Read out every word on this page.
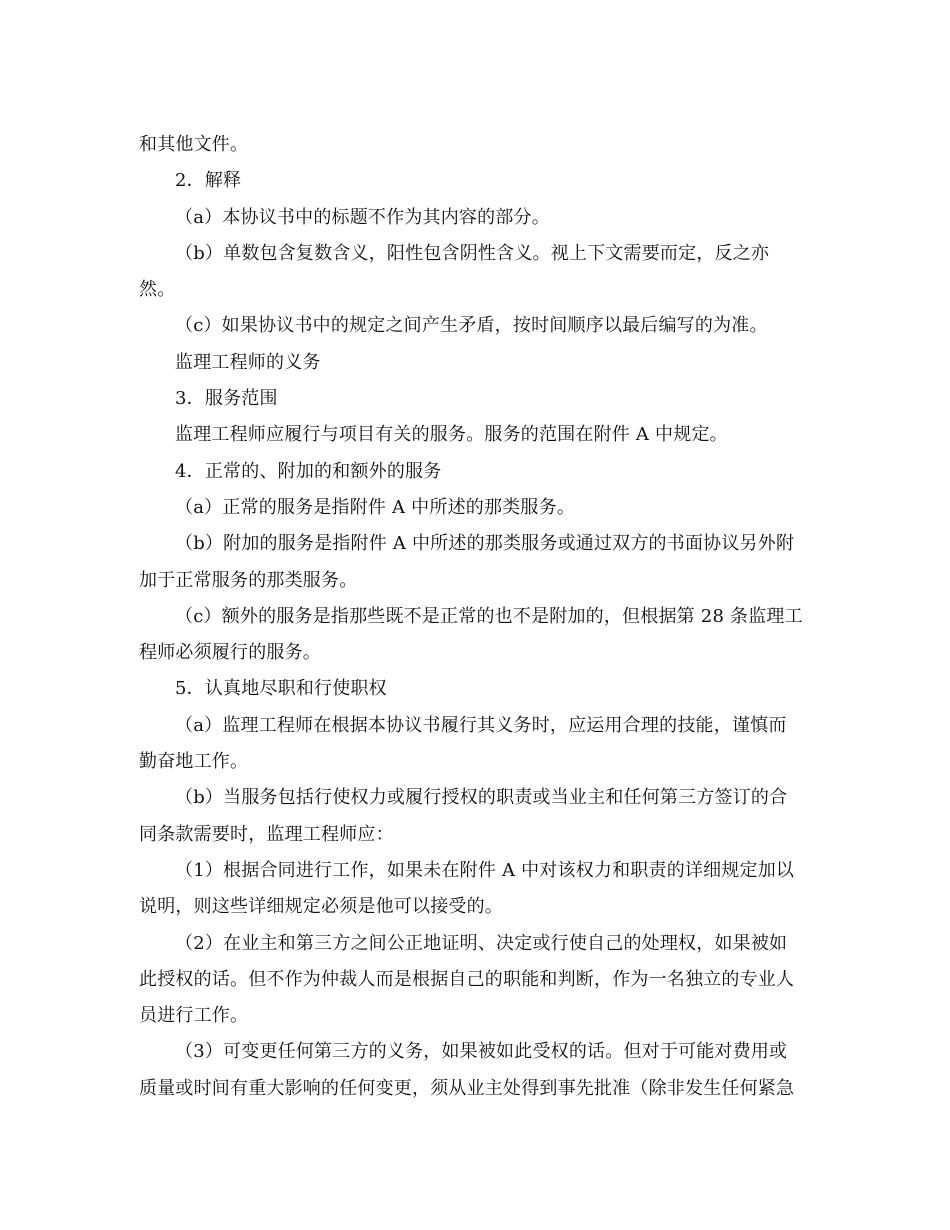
和其他文件。
2．解释
（a）本协议书中的标题不作为其内容的部分。
（b）单数包含复数含义，阳性包含阴性含义。视上下文需要而定，反之亦
然。
（c）如果协议书中的规定之间产生矛盾，按时间顺序以最后编写的为准。
监理工程师的义务
3．服务范围
监理工程师应履行与项目有关的服务。服务的范围在附件 A 中规定。
4．正常的、附加的和额外的服务
（a）正常的服务是指附件 A 中所述的那类服务。
（b）附加的服务是指附件 A 中所述的那类服务或通过双方的书面协议另外附
加于正常服务的那类服务。
（c）额外的服务是指那些既不是正常的也不是附加的，但根据第 28 条监理工
程师必须履行的服务。
5．认真地尽职和行使职权
（a）监理工程师在根据本协议书履行其义务时，应运用合理的技能，谨慎而
勤奋地工作。
（b）当服务包括行使权力或履行授权的职责或当业主和任何第三方签订的合
同条款需要时，监理工程师应：
（1）根据合同进行工作，如果未在附件 A 中对该权力和职责的详细规定加以
说明，则这些详细规定必须是他可以接受的。
（2）在业主和第三方之间公正地证明、决定或行使自己的处理权，如果被如
此授权的话。但不作为仲裁人而是根据自己的职能和判断，作为一名独立的专业人
员进行工作。
（3）可变更任何第三方的义务，如果被如此受权的话。但对于可能对费用或
质量或时间有重大影响的任何变更，须从业主处得到事先批准（除非发生任何紧急
